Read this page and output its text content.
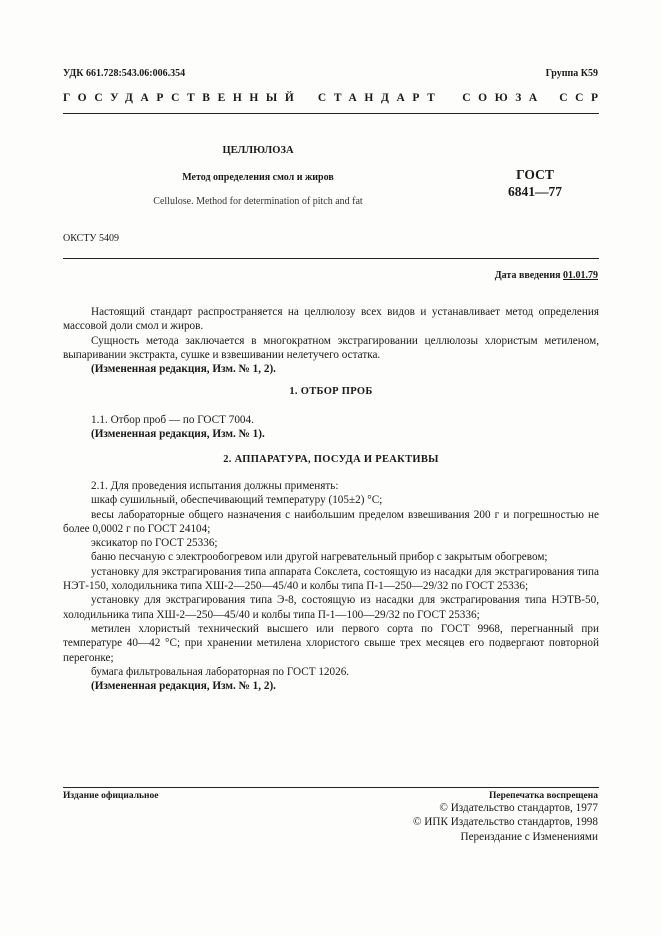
УДК 661.728:543.06:006.354	Группа К59
ГОСУДАРСТВЕННЫЙ СТАНДАРТ СОЮЗА ССР
ЦЕЛЛЮЛОЗА
Метод определения смол и жиров
Cellulose. Method for determination of pitch and fat
ГОСТ
6841—77
ОКСТУ 5409
Дата введения 01.01.79

Настоящий стандарт распространяется на целлюлозу всех видов и устанавливает метод определения массовой доли смол и жиров.

Сущность метода заключается в многократном экстрагировании целлюлозы хлористым метиленом, выпаривании экстракта, сушке и взвешивании нелетучего остатка.

(Измененная редакция, Изм. № 1, 2).

1. ОТБОР ПРОБ

1.1. Отбор проб — по ГОСТ 7004.

(Измененная редакция, Изм. № 1).

2. АППАРАТУРА, ПОСУДА И РЕАКТИВЫ

2.1. Для проведения испытания должны применять:

шкаф сушильный, обеспечивающий температуру (105±2) °С;

весы лабораторные общего назначения с наибольшим пределом взвешивания 200 г и погрешностью не более 0,0002 г по ГОСТ 24104;

эксикатор по ГОСТ 25336;

баню песчаную с электрообогревом или другой нагревательный прибор с закрытым обогревом;

установку для экстрагирования типа аппарата Сокслета, состоящую из насадки для экстрагирования типа НЭТ-150, холодильника типа ХШ-2—250—45/40 и колбы типа П-1—250—29/32 по ГОСТ 25336;

установку для экстрагирования типа Э-8, состоящую из насадки для экстрагирования типа НЭТВ-50, холодильника типа ХШ-2—250—45/40 и колбы типа П-1—100—29/32 по ГОСТ 25336;

метилен хлористый технический высшего или первого сорта по ГОСТ 9968, перегнанный при температуре 40—42 °С; при хранении метилена хлористого свыше трех месяцев его подвергают повторной перегонке;

бумага фильтровальная лабораторная по ГОСТ 12026.

(Измененная редакция, Изм. № 1, 2).

Издание официальное	Перепечатка воспрещена
© Издательство стандартов, 1977
© ИПК Издательство стандартов, 1998
Переиздание с Изменениями
